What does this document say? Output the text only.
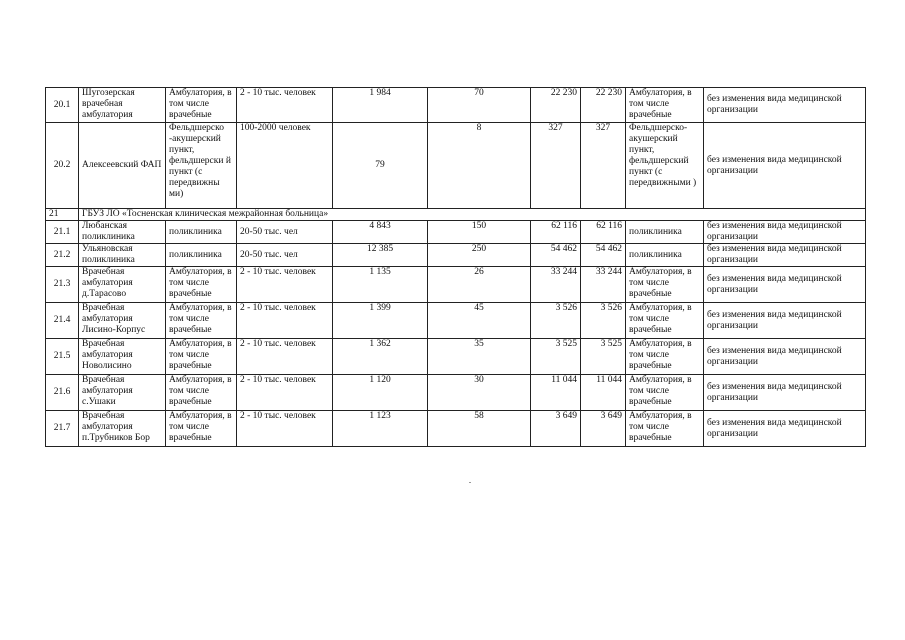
20.1	Шугозерская врачебная амбулатория	Амбулатория, в том числе врачебные	2 - 10 тыс. человек	1 984	70	22 230	22 230	Амбулатория, в том числе врачебные	без изменения вида медицинской организации
20.2	Алексеевский ФАП	Фельдшерско -акушерский пункт, фельдшерски й пункт (с передвижны ми)	100-2000 человек	79	8	327	327	Фельдшерско-акушерский пункт, фельдшерский пункт (с передвижными )	без изменения вида медицинской организации
21	ГБУЗ ЛО «Тосненская клиническая межрайонная больница»								
21.1	Любанская поликлиника	поликлиника	20-50 тыс. чел	4 843	150	62 116	62 116	поликлиника	без изменения вида медицинской организации
21.2	Ульяновская поликлиника	поликлиника	20-50 тыс. чел	12 385	250	54 462	54 462	поликлиника	без изменения вида медицинской организации
21.3	Врачебная амбулатория д.Тарасово	Амбулатория, в том числе врачебные	2 - 10 тыс. человек	1 135	26	33 244	33 244	Амбулатория, в том числе врачебные	без изменения вида медицинской организации
21.4	Врачебная амбулатория Лисино-Корпус	Амбулатория, в том числе врачебные	2 - 10 тыс. человек	1 399	45	3 526	3 526	Амбулатория, в том числе врачебные	без изменения вида медицинской организации
21.5	Врачебная амбулатория Новолисино	Амбулатория, в том числе врачебные	2 - 10 тыс. человек	1 362	35	3 525	3 525	Амбулатория, в том числе врачебные	без изменения вида медицинской организации
21.6	Врачебная амбулатория с.Ушаки	Амбулатория, в том числе врачебные	2 - 10 тыс. человек	1 120	30	11 044	11 044	Амбулатория, в том числе врачебные	без изменения вида медицинской организации
21.7	Врачебная амбулатория п.Трубников Бор	Амбулатория, в том числе врачебные	2 - 10 тыс. человек	1 123	58	3 649	3 649	Амбулатория, в том числе врачебные	без изменения вида медицинской организации
